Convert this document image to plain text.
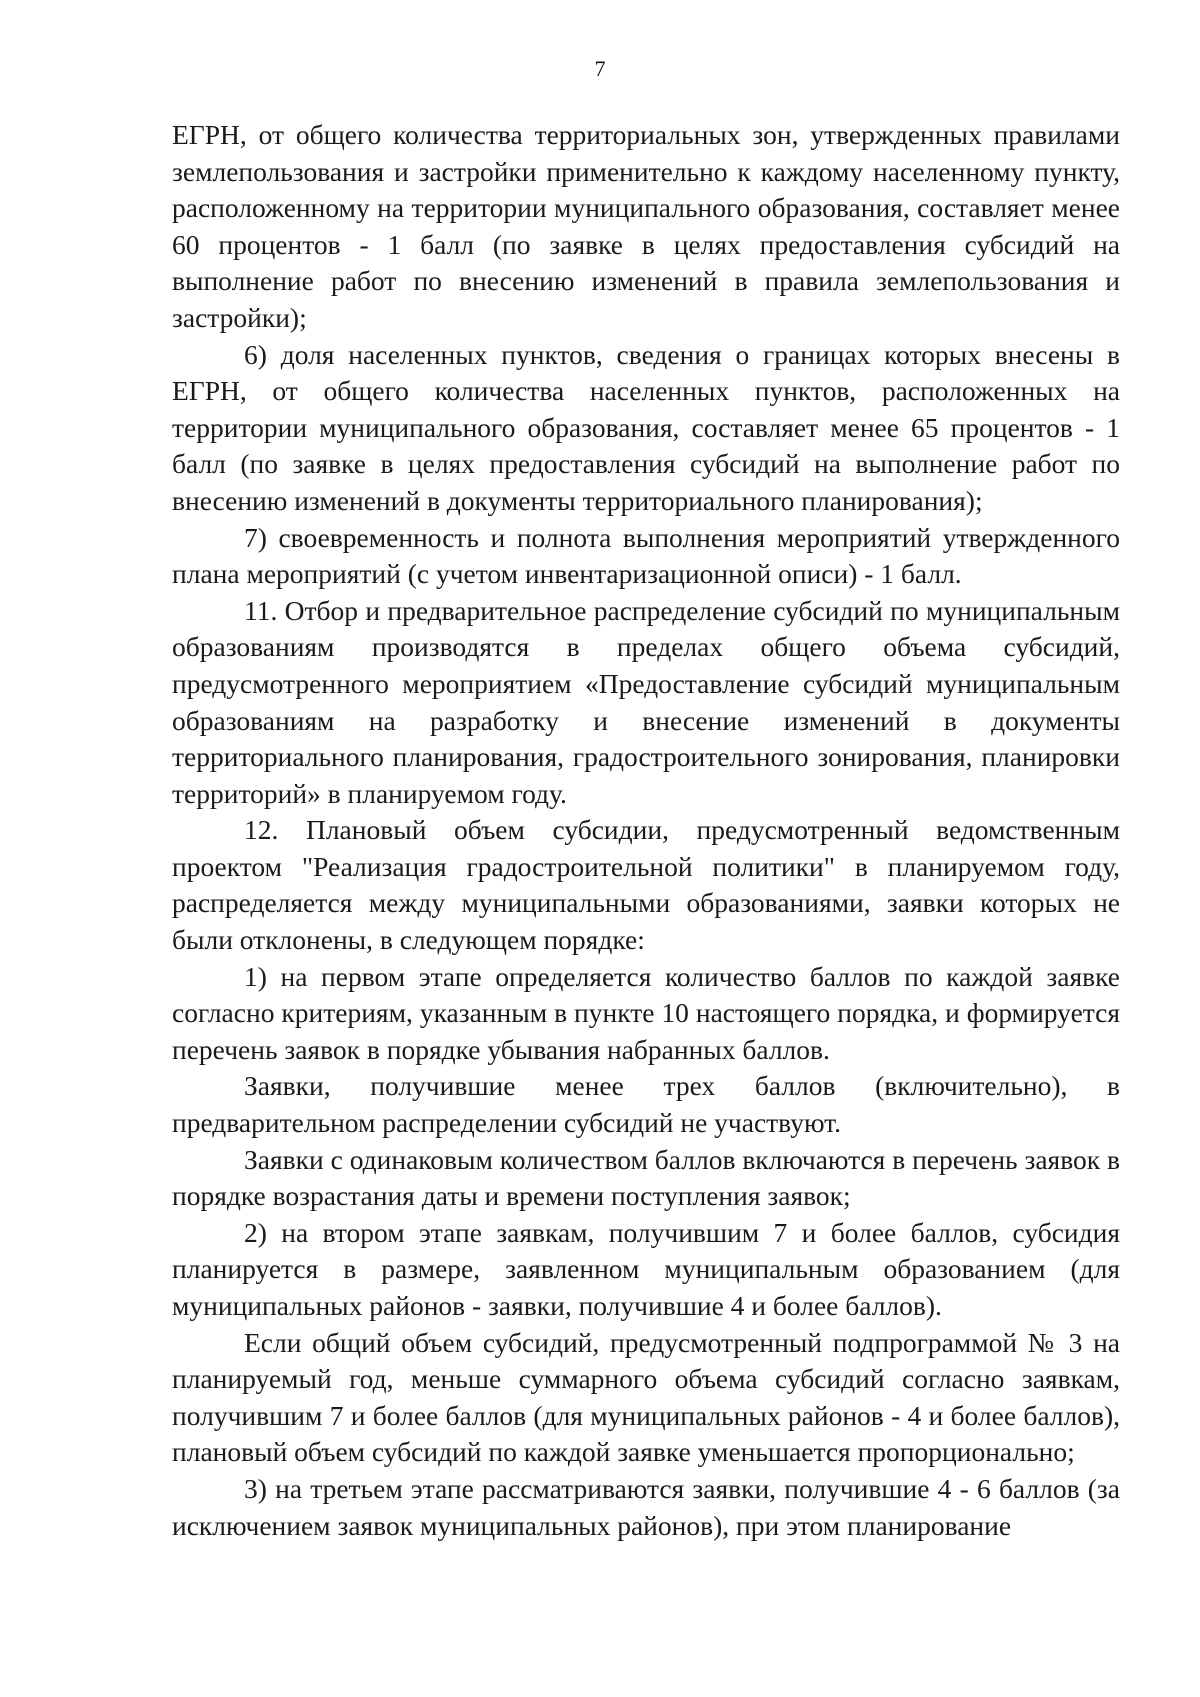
7

ЕГРН, от общего количества территориальных зон, утвержденных правилами землепользования и застройки применительно к каждому населенному пункту, расположенному на территории муниципального образования, составляет менее 60 процентов - 1 балл (по заявке в целях предоставления субсидий на выполнение работ по внесению изменений в правила землепользования и застройки);

6) доля населенных пунктов, сведения о границах которых внесены в ЕГРН, от общего количества населенных пунктов, расположенных на территории муниципального образования, составляет менее 65 процентов - 1 балл (по заявке в целях предоставления субсидий на выполнение работ по внесению изменений в документы территориального планирования);

7) своевременность и полнота выполнения мероприятий утвержденного плана мероприятий (с учетом инвентаризационной описи) - 1 балл.

11. Отбор и предварительное распределение субсидий по муниципальным образованиям производятся в пределах общего объема субсидий, предусмотренного мероприятием «Предоставление субсидий муниципальным образованиям на разработку и внесение изменений в документы территориального планирования, градостроительного зонирования, планировки территорий» в планируемом году.

12. Плановый объем субсидии, предусмотренный ведомственным проектом "Реализация градостроительной политики" в планируемом году, распределяется между муниципальными образованиями, заявки которых не были отклонены, в следующем порядке:

1) на первом этапе определяется количество баллов по каждой заявке согласно критериям, указанным в пункте 10 настоящего порядка, и формируется перечень заявок в порядке убывания набранных баллов.

Заявки, получившие менее трех баллов (включительно), в предварительном распределении субсидий не участвуют.

Заявки с одинаковым количеством баллов включаются в перечень заявок в порядке возрастания даты и времени поступления заявок;

2) на втором этапе заявкам, получившим 7 и более баллов, субсидия планируется в размере, заявленном муниципальным образованием (для муниципальных районов - заявки, получившие 4 и более баллов).

Если общий объем субсидий, предусмотренный подпрограммой № 3 на планируемый год, меньше суммарного объема субсидий согласно заявкам, получившим 7 и более баллов (для муниципальных районов - 4 и более баллов), плановый объем субсидий по каждой заявке уменьшается пропорционально;

3) на третьем этапе рассматриваются заявки, получившие 4 - 6 баллов (за исключением заявок муниципальных районов), при этом планирование
